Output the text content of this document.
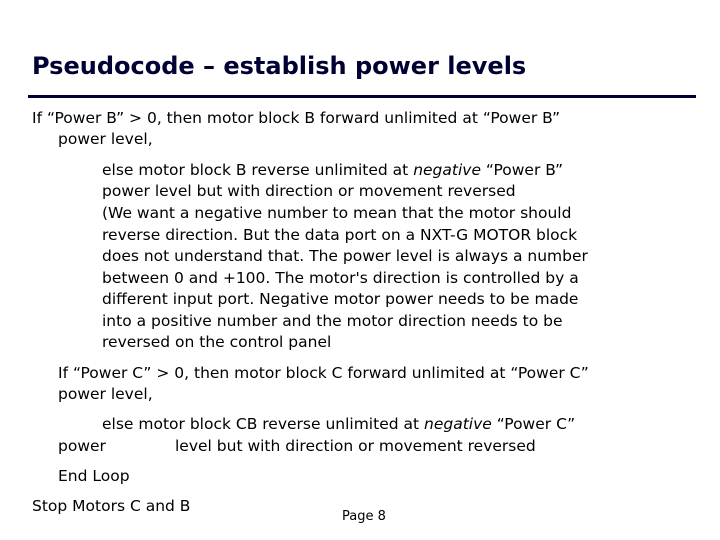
Pseudocode – establish power levels
If “Power B” > 0, then motor block B forward unlimited at “Power B”
power level,
else motor block B reverse unlimited at negative “Power B”
power level but with direction or movement reversed
(We want a negative number to mean that the motor should
reverse direction. But the data port on a NXT-G MOTOR block
does not understand that. The power level is always a number
between 0 and +100. The motor's direction is controlled by a
different input port. Negative motor power needs to be made
into a positive number and the motor direction needs to be
reversed on the control panel
If “Power C” > 0, then motor block C forward unlimited at “Power C”
power level,
else motor block CB reverse unlimited at negative “Power C”
power	level but with direction or movement reversed
End Loop
Stop Motors C and B
Page 8
